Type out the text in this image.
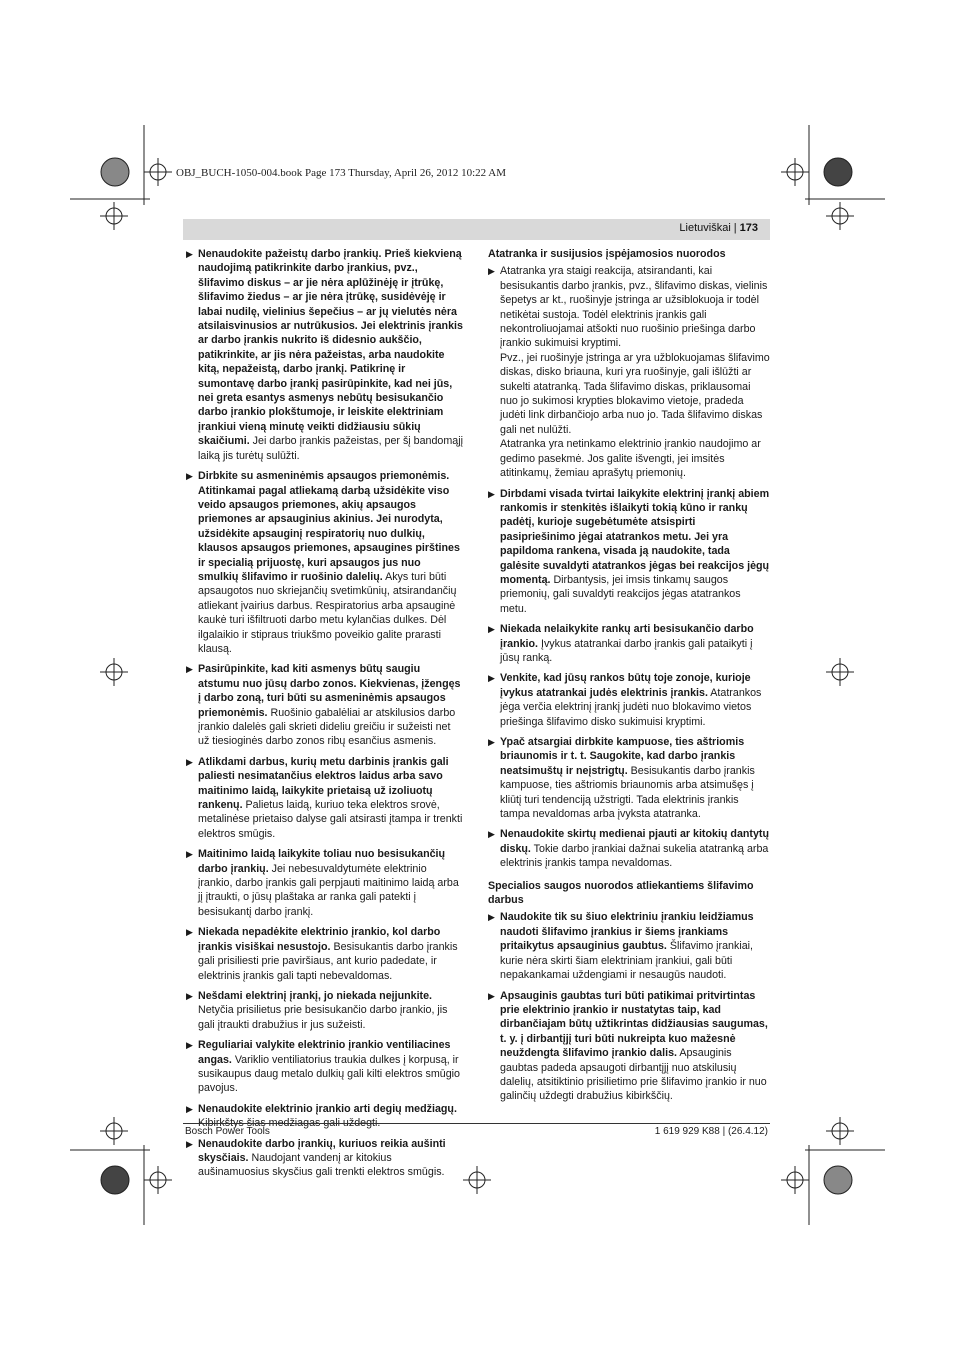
OBJ_BUCH-1050-004.book Page 173 Thursday, April 26, 2012 10:22 AM
Lietuviškai | 173
▶ Nenaudokite pažeistų darbo įrankių. Prieš kiekvieną naudojimą patikrinkite darbo įrankius, pvz., šlifavimo diskus – ar jie nėra aplūžinėję ir įtrūkę, šlifavimo žiedus – ar jie nėra įtrūkę, susidėvėję ir labai nudilę, vielinius šepečius – ar jų vielutės nėra atsilaisvinusios ar nutrūkusios. Jei elektrinis įrankis ar darbo įrankis nukrito iš didesnio aukščio, patikrinkite, ar jis nėra pažeistas, arba naudokite kitą, nepažeistą, darbo įrankį. Patikrinę ir sumontavę darbo įrankį pasirūpinkite, kad nei jūs, nei greta esantys asmenys nebūtų besisukančio darbo įrankio plokštumoje, ir leiskite elektriniam įrankiui vieną minutę veikti didžiausiu sūkių skaičiumi. Jei darbo įrankis pažeistas, per šį bandomąjį laiką jis turėtų sulūžti.
▶ Dirbkite su asmeninėmis apsaugos priemonėmis. Atitinkamai pagal atliekamą darbą užsidėkite viso veido apsaugos priemones, akių apsaugos priemones ar apsauginius akinius. Jei nurodyta, užsidėkite apsauginį respiratorių nuo dulkių, klausos apsaugos priemones, apsaugines pirštines ir specialią prijuostę, kuri apsaugos jus nuo smulkių šlifavimo ir ruošinio dalelių. Akys turi būti apsaugotos nuo skriejančių svetimkūnių, atsirandančių atliekant įvairius darbus. Respiratorius arba apsauginė kaukė turi išfiltruoti darbo metu kylančias dulkes. Dėl ilgalaikio ir stipraus triukšmo poveikio galite prarasti klausą.
▶ Pasirūpinkite, kad kiti asmenys būtų saugiu atstumu nuo jūsų darbo zonos. Kiekvienas, įžengęs į darbo zoną, turi būti su asmeninėmis apsaugos priemonėmis. Ruošinio gabalėliai ar atskilusios darbo įrankio dalelės gali skrieti dideliu greičiu ir sužeisti net už tiesioginės darbo zonos ribų esančius asmenis.
▶ Atlikdami darbus, kurių metu darbinis įrankis gali paliesti nesimatančius elektros laidus arba savo maitinimo laidą, laikykite prietaisą už izoliuotų rankenų. Palietus laidą, kuriuo teka elektros srovė, metalinėse prietaiso dalyse gali atsirasti įtampa ir trenkti elektros smūgis.
▶ Maitinimo laidą laikykite toliau nuo besisukančių darbo įrankių. Jei nebesuvaldytumėte elektrinio įrankio, darbo įrankis gali perpjauti maitinimo laidą arba jį įtraukti, o jūsų plaštaka ar ranka gali patekti į besisukantį darbo įrankį.
▶ Niekada nepadėkite elektrinio įrankio, kol darbo įrankis visiškai nesustojo. Besisukantis darbo įrankis gali prisiliesti prie paviršiaus, ant kurio padedate, ir elektrinis įrankis gali tapti nebevaldomas.
▶ Nešdami elektrinį įrankį, jo niekada neįjunkite. Netyčia prisilietus prie besisukančio darbo įrankio, jis gali įtraukti drabužius ir jus sužeisti.
▶ Reguliariai valykite elektrinio įrankio ventiliacines angas. Variklio ventiliatorius traukia dulkes į korpusą, ir susikaupus daug metalo dulkių gali kilti elektros smūgio pavojus.
▶ Nenaudokite elektrinio įrankio arti degių medžiagų. Kibirkštys šias medžiagas gali uždegti.
▶ Nenaudokite darbo įrankių, kuriuos reikia aušinti skysčiais. Naudojant vandenį ar kitokius aušinamuosius skysčius gali trenkti elektros smūgis.
Atatranka ir susijusios įspėjamosios nuorodos
▶ Atatranka yra staigi reakcija, atsirandanti, kai besisukantis darbo įrankis, pvz., šlifavimo diskas, vielinis šepetys ar kt., ruošinyje įstringa ar užsiblokuoja ir todėl netikėtai sustoja. Todėl elektrinis įrankis gali nekontroliuojamai atšokti nuo ruošinio priešinga darbo įrankio sukimuisi kryptimi.
Pvz., jei ruošinyje įstringa ar yra užblokuojamas šlifavimo diskas, disko briauna, kuri yra ruošinyje, gali išlūžti ar sukelti atatranką. Tada šlifavimo diskas, priklausomai nuo jo sukimosi krypties blokavimo vietoje, pradeda judėti link dirbančiojo arba nuo jo. Tada šlifavimo diskas gali net nulūžti.
Atatranka yra netinkamo elektrinio įrankio naudojimo ar gedimo pasekmė. Jos galite išvengti, jei imsitės atitinkamų, žemiau aprašytų priemonių.
▶ Dirbdami visada tvirtai laikykite elektrinį įrankį abiem rankomis ir stenkitės išlaikyti tokią kūno ir rankų padėtį, kurioje sugebėtumėte atsispirti pasipriešinimo jėgai atatrankos metu. Jei yra papildoma rankena, visada ją naudokite, tada galėsite suvaldyti atatrankos jėgas bei reakcijos jėgų momentą. Dirbantysis, jei imsis tinkamų saugos priemonių, gali suvaldyti reakcijos jėgas atatrankos metu.
▶ Niekada nelaikykite rankų arti besisukančio darbo įrankio. Įvykus atatrankai darbo įrankis gali pataikyti į jūsų ranką.
▶ Venkite, kad jūsų rankos būtų toje zonoje, kurioje įvykus atatrankai judės elektrinis įrankis. Atatrankos jėga verčia elektrinį įrankį judėti nuo blokavimo vietos priešinga šlifavimo disko sukimuisi kryptimi.
▶ Ypač atsargiai dirbkite kampuose, ties aštriomis briaunomis ir t. t. Saugokite, kad darbo įrankis neatsimuštų ir neįstrigtų. Besisukantis darbo įrankis kampuose, ties aštriomis briaunomis arba atsimušęs į kliūtį turi tendenciją užstrigti. Tada elektrinis įrankis tampa nevaldomas arba įvyksta atatranka.
▶ Nenaudokite skirtų medienai pjauti ar kitokių dantytų diskų. Tokie darbo įrankiai dažnai sukelia atatranką arba elektrinis įrankis tampa nevaldomas.
Specialios saugos nuorodos atliekantiems šlifavimo darbus
▶ Naudokite tik su šiuo elektriniu įrankiu leidžiamus naudoti šlifavimo įrankius ir šiems įrankiams pritaikytus apsauginius gaubtus. Šlifavimo įrankiai, kurie nėra skirti šiam elektriniam įrankiui, gali būti nepakankamai uždengiami ir nesaugūs naudoti.
▶ Apsauginis gaubtas turi būti patikimai pritvirtintas prie elektrinio įrankio ir nustatytas taip, kad dirbančiajam būtų užtikrintas didžiausias saugumas, t. y. į dirbantįjį turi būti nukreipta kuo mažesnė neuždengta šlifavimo įrankio dalis. Apsauginis gaubtas padeda apsaugoti dirbantįjį nuo atskilusių dalelių, atsitiktinio prisilietimo prie šlifavimo įrankio ir nuo galinčių uždegti drabužius kibirkščių.
Bosch Power Tools	1 619 929 K88 | (26.4.12)
